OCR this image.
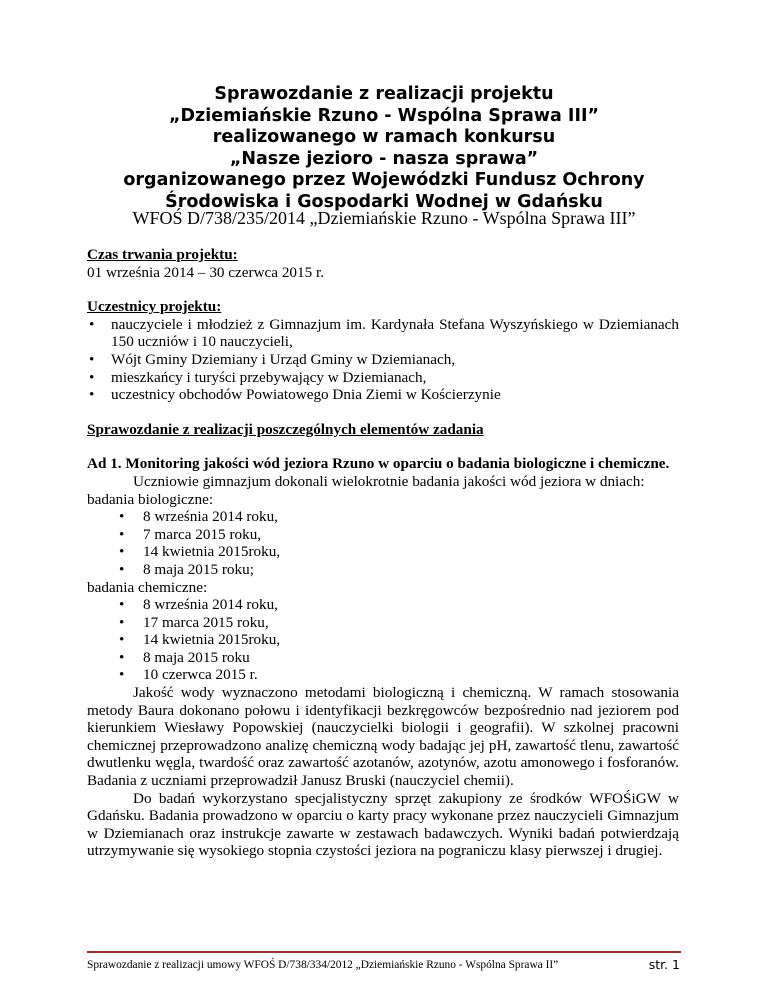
Sprawozdanie z realizacji projektu
„Dziemiańskie Rzuno - Wspólna Sprawa III”
realizowanego w ramach konkursu
„Nasze jezioro - nasza sprawa”
organizowanego przez Wojewódzki Fundusz Ochrony
Środowiska i Gospodarki Wodnej w Gdańsku
WFOŚ D/738/235/2014 „Dziemiańskie Rzuno - Wspólna Sprawa III”

Czas trwania projektu:

01 września 2014 – 30 czerwca 2015 r.

Uczestnicy projektu:

• nauczyciele i młodzież z Gimnazjum im. Kardynała Stefana Wyszyńskiego w Dziemianach 150 uczniów i 10 nauczycieli,
• Wójt Gminy Dziemiany i Urząd Gminy w Dziemianach,
• mieszkańcy i turyści przebywający w Dziemianach,
• uczestnicy obchodów Powiatowego Dnia Ziemi w Kościerzynie

Sprawozdanie z realizacji poszczególnych elementów zadania

Ad 1. Monitoring jakości wód jeziora Rzuno w oparciu o badania biologiczne i chemiczne.

Uczniowie gimnazjum dokonali wielokrotnie badania jakości wód jeziora w dniach:

badania biologiczne:

• 8 września 2014 roku,
• 7 marca 2015 roku,
• 14 kwietnia 2015roku,
• 8 maja 2015 roku;

badania chemiczne:

• 8 września 2014 roku,
• 17 marca 2015 roku,
• 14 kwietnia 2015roku,
• 8 maja 2015 roku
• 10 czerwca 2015 r.

Jakość wody wyznaczono metodami biologiczną i chemiczną. W ramach stosowania metody Baura dokonano połowu i identyfikacji bezkręgowców bezpośrednio nad jeziorem pod kierunkiem Wiesławy Popowskiej (nauczycielki biologii i geografii). W szkolnej pracowni chemicznej przeprowadzono analizę chemiczną wody badając jej pH, zawartość tlenu, zawartość dwutlenku węgla, twardość oraz zawartość azotanów, azotynów, azotu amonowego i fosforanów. Badania z uczniami przeprowadził Janusz Bruski (nauczyciel chemii).

Do badań wykorzystano specjalistyczny sprzęt zakupiony ze środków WFOŚiGW w Gdańsku. Badania prowadzono w oparciu o karty pracy wykonane przez nauczycieli Gimnazjum w Dziemianach oraz instrukcje zawarte w zestawach badawczych. Wyniki badań potwierdzają utrzymywanie się wysokiego stopnia czystości jeziora na pograniczu klasy pierwszej i drugiej.

Sprawozdanie z realizacji umowy WFOŚ D/738/334/2012 „Dziemiańskie Rzuno - Wspólna Sprawa II”	str. 1
